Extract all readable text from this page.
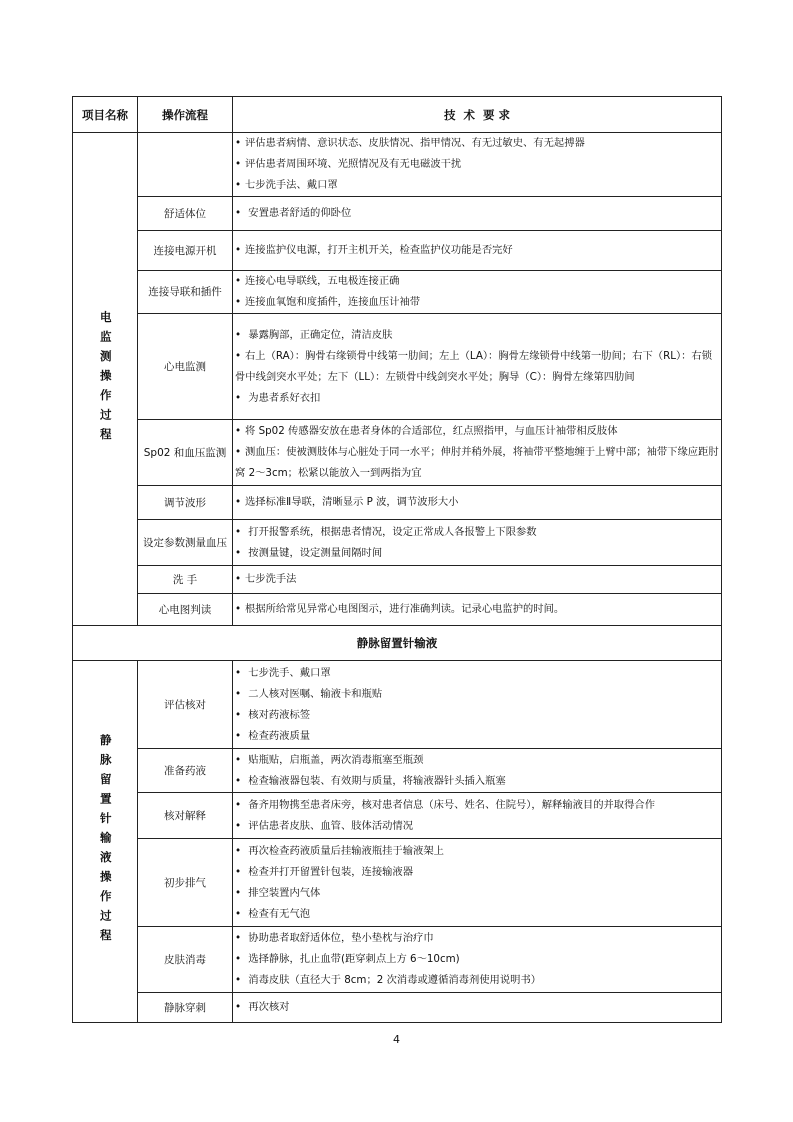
项目名称	操作流程	技  术  要 求

电监测操作过程		• 评估患者病情、意识状态、皮肤情况、指甲情况、有无过敏史、有无起搏器
• 评估患者周围环境、光照情况及有无电磁波干扰
• 七步洗手法、戴口罩

	舒适体位	• 安置患者舒适的仰卧位

	连接电源开机	• 连接监护仪电源，打开主机开关，检查监护仪功能是否完好

	连接导联和插件	• 连接心电导联线，五电极连接正确
• 连接血氧饱和度插件，连接血压计袖带

	心电监测	• 暴露胸部，正确定位，清洁皮肤
• 右上（RA）：胸骨右缘锁骨中线第一肋间；左上（LA）：胸骨左缘锁骨中线第一肋间；右下（RL）：右锁骨中线剑突水平处；左下（LL）：左锁骨中线剑突水平处；胸导（C）：胸骨左缘第四肋间
• 为患者系好衣扣

	Sp02 和血压监测	• 将 Sp02 传感器安放在患者身体的合适部位，红点照指甲，与血压计袖带相反肢体
• 测血压：使被测肢体与心脏处于同一水平；伸肘并稍外展，将袖带平整地缠于上臂中部；袖带下缘应距肘窝 2～3cm；松紧以能放入一到两指为宜

	调节波形	• 选择标准Ⅱ导联，清晰显示 P 波，调节波形大小

	设定参数测量血压	• 打开报警系统，根据患者情况，设定正常成人各报警上下限参数
• 按测量键，设定测量间隔时间

	洗 手	• 七步洗手法

	心电图判读	• 根据所给常见异常心电图图示，进行准确判读。记录心电监护的时间。

静脉留置针输液		

静脉留置针输液操作过程	评估核对	• 七步洗手、戴口罩
• 二人核对医嘱、输液卡和瓶贴
• 核对药液标签
• 检查药液质量

	准备药液	• 贴瓶贴，启瓶盖，两次消毒瓶塞至瓶颈
• 检查输液器包装、有效期与质量，将输液器针头插入瓶塞

	核对解释	• 备齐用物携至患者床旁，核对患者信息（床号、姓名、住院号），解释输液目的并取得合作
• 评估患者皮肤、血管、肢体活动情况

	初步排气	• 再次检查药液质量后挂输液瓶挂于输液架上
• 检查并打开留置针包装，连接输液器
• 排空装置内气体
• 检查有无气泡

	皮肤消毒	• 协助患者取舒适体位，垫小垫枕与治疗巾
• 选择静脉，扎止血带(距穿刺点上方 6～10cm)
• 消毒皮肤（直径大于 8cm；2 次消毒或遵循消毒剂使用说明书）

	静脉穿刺	• 再次核对
4
